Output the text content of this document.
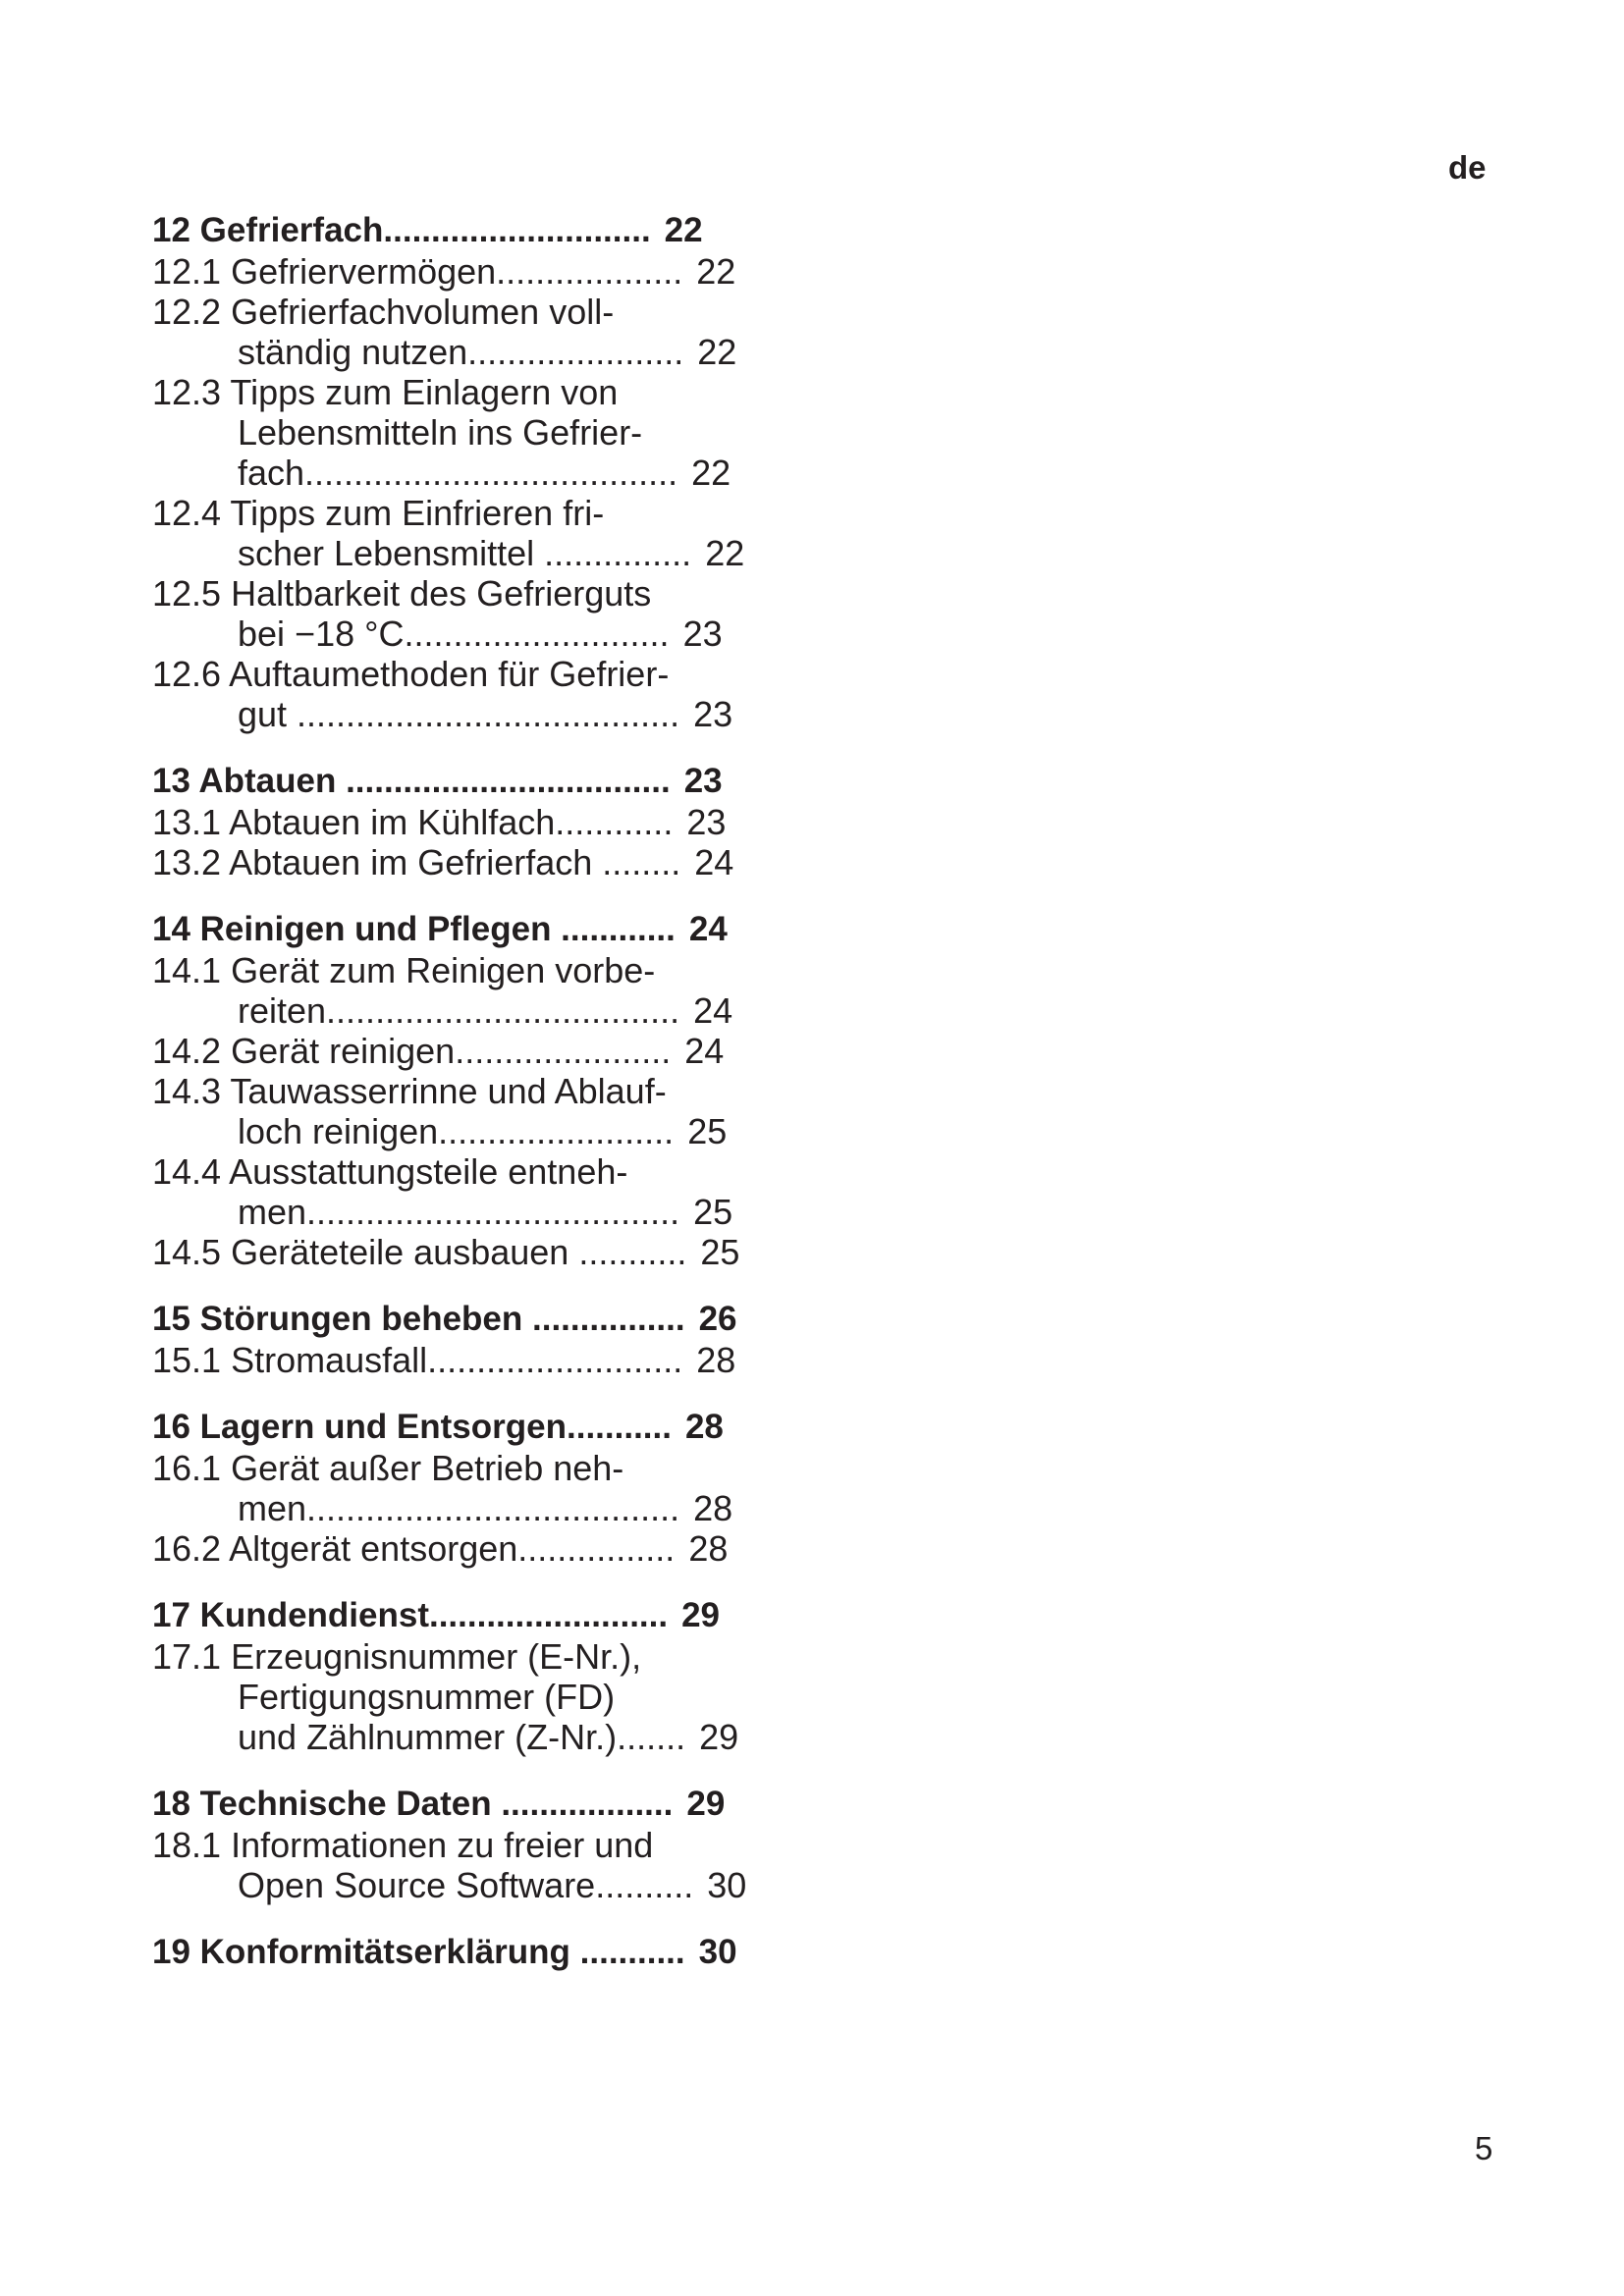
de
12 Gefrierfach............................ 22
12.1 Gefriervermögen................... 22
12.2 Gefrierfachvolumen voll-
ständig nutzen...................... 22
12.3 Tipps zum Einlagern von
Lebensmitteln ins Gefrier-
fach...................................... 22
12.4 Tipps zum Einfrieren fri-
scher Lebensmittel ............... 22
12.5 Haltbarkeit des Gefrierguts
bei −18 °C........................... 23
12.6 Auftaumethoden für Gefrier-
gut ....................................... 23
13 Abtauen .................................. 23
13.1 Abtauen im Kühlfach............ 23
13.2 Abtauen im Gefrierfach ........ 24
14 Reinigen und Pflegen ............ 24
14.1 Gerät zum Reinigen vorbe-
reiten.................................... 24
14.2 Gerät reinigen...................... 24
14.3 Tauwasserrinne und Ablauf-
loch reinigen........................ 25
14.4 Ausstattungsteile entneh-
men...................................... 25
14.5 Geräteteile ausbauen ........... 25
15 Störungen beheben ................ 26
15.1 Stromausfall.......................... 28
16 Lagern und Entsorgen........... 28
16.1 Gerät außer Betrieb neh-
men...................................... 28
16.2 Altgerät entsorgen................ 28
17 Kundendienst......................... 29
17.1 Erzeugnisnummer (E-Nr.),
Fertigungsnummer (FD)
und Zählnummer (Z-Nr.)....... 29
18 Technische Daten .................. 29
18.1 Informationen zu freier und
Open Source Software.......... 30
19 Konformitätserklärung ........... 30
5
